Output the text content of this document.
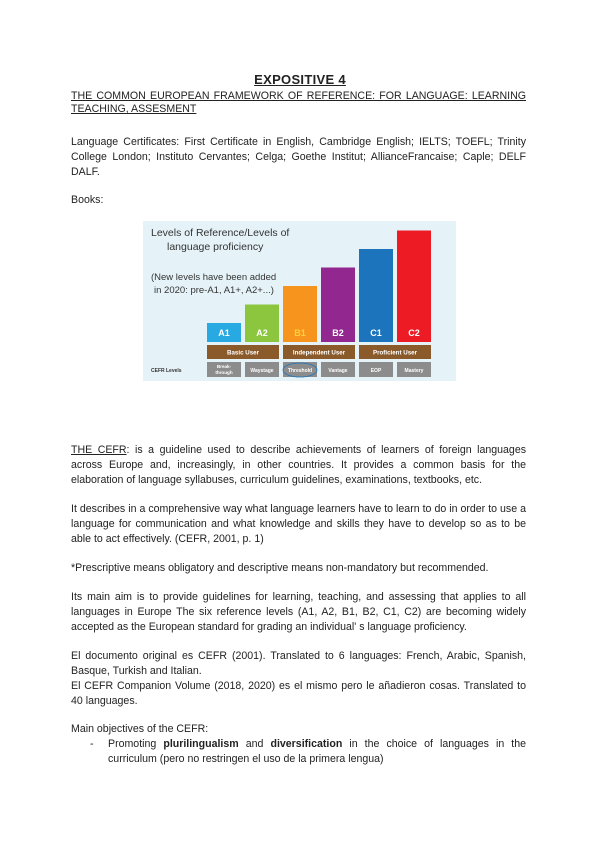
EXPOSITIVE 4
THE COMMON EUROPEAN FRAMEWORK OF REFERENCE: FOR LANGUAGE: LEARNING TEACHING, ASSESMENT
Language Certificates: First Certificate in English, Cambridge English; IELTS; TOEFL; Trinity College London; Instituto Cervantes; Celga; Goethe Institut; AllianceFrancaise; Caple; DELF DALF.
Books:
Levels of Reference/Levels of
language proficiency
(New levels have been added
in 2020: pre-A1, A1+, A2+...)
A1
Break-
through
A2
Waystage
B1
Threshold
B2
Vantage
C1
EOP
C2
Mastery
Basic User	Independent User	Proficient User
CEFR Levels
THE CEFR: is a guideline used to describe achievements of learners of foreign languages across Europe and, increasingly, in other countries. It provides a common basis for the elaboration of language syllabuses, curriculum guidelines, examinations, textbooks, etc.
It describes in a comprehensive way what language learners have to learn to do in order to use a language for communication and what knowledge and skills they have to develop so as to be able to act effectively. (CEFR, 2001, p. 1)
*Prescriptive means obligatory and descriptive means non-mandatory but recommended.
Its main aim is to provide guidelines for learning, teaching, and assessing that applies to all languages in Europe The six reference levels (A1, A2, B1, B2, C1, C2) are becoming widely accepted as the European standard for grading an individual' s language proficiency.
El documento original es CEFR (2001). Translated to 6 languages: French, Arabic, Spanish, Basque, Turkish and Italian.
El CEFR Companion Volume (2018, 2020) es el mismo pero le añadieron cosas. Translated to 40 languages.
Main objectives of the CEFR:
- Promoting plurilingualism and diversification in the choice of languages in the curriculum (pero no restringen el uso de la primera lengua)
